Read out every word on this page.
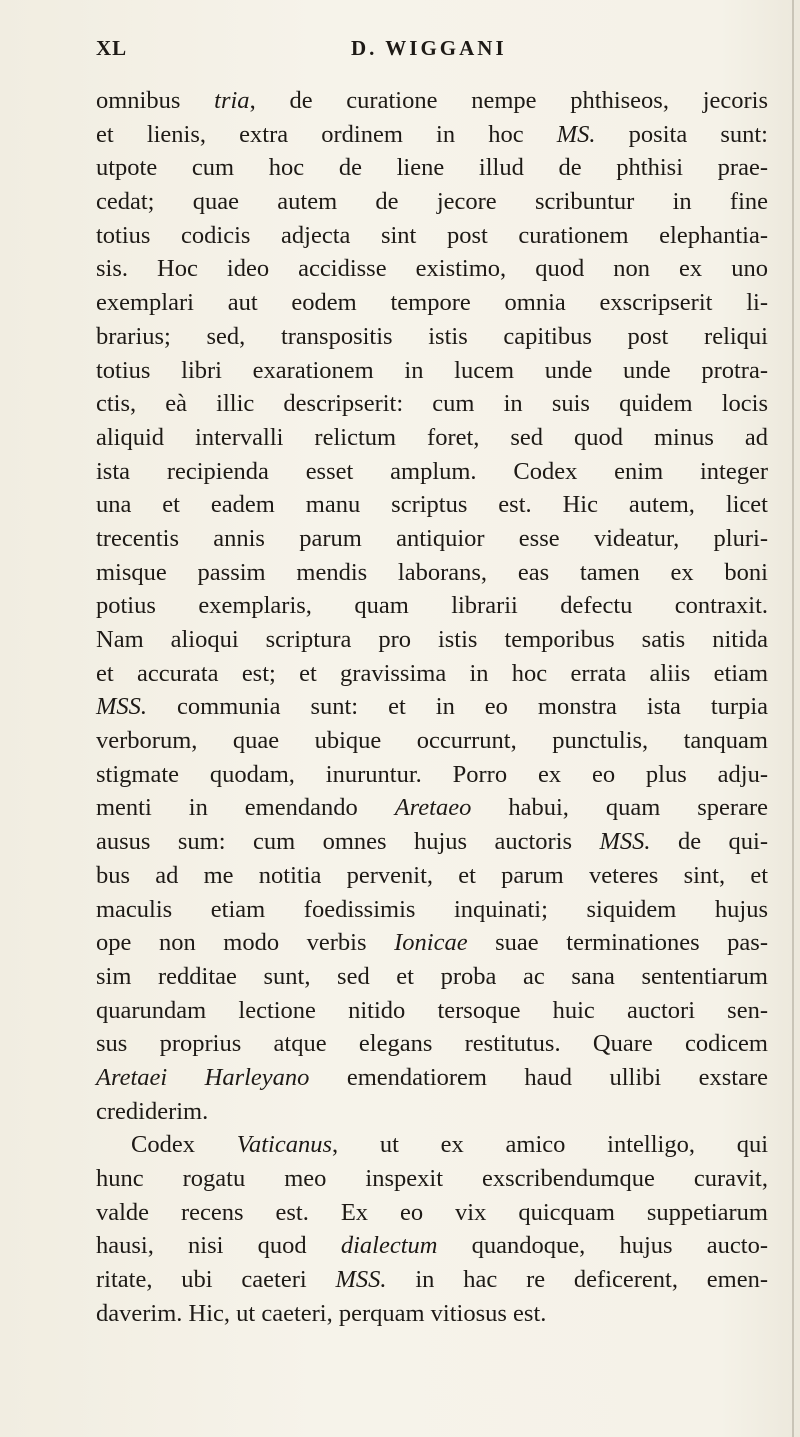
XL	D. WIGGANI
omnibus tria, de curatione nempe phthiseos, jecoris
et lienis, extra ordinem in hoc MS. posita sunt:
utpote cum hoc de liene illud de phthisi prae-
cedat; quae autem de jecore scribuntur in fine
totius codicis adjecta sint post curationem elephantia-
sis. Hoc ideo accidisse existimo, quod non ex uno
exemplari aut eodem tempore omnia exscripserit li-
brarius; sed, transpositis istis capitibus post reliqui
totius libri exarationem in lucem unde unde protra-
ctis, eà illic descripserit: cum in suis quidem locis
aliquid intervalli relictum foret, sed quod minus ad
ista recipienda esset amplum. Codex enim integer
una et eadem manu scriptus est. Hic autem, licet
trecentis annis parum antiquior esse videatur, pluri-
misque passim mendis laborans, eas tamen ex boni
potius exemplaris, quam librarii defectu contraxit.
Nam alioqui scriptura pro istis temporibus satis nitida
et accurata est; et gravissima in hoc errata aliis etiam
MSS. communia sunt: et in eo monstra ista turpia
verborum, quae ubique occurrunt, punctulis, tanquam
stigmate quodam, inuruntur. Porro ex eo plus adju-
menti in emendando Aretaeo habui, quam sperare
ausus sum: cum omnes hujus auctoris MSS. de qui-
bus ad me notitia pervenit, et parum veteres sint, et
maculis etiam foedissimis inquinati; siquidem hujus
ope non modo verbis Ionicae suae terminationes pas-
sim redditae sunt, sed et proba ac sana sententiarum
quarundam lectione nitido tersoque huic auctori sen-
sus proprius atque elegans restitutus. Quare codicem
Aretaei Harleyano emendatiorem haud ullibi exstare
crediderim.
Codex Vaticanus, ut ex amico intelligo, qui
hunc rogatu meo inspexit exscribendumque curavit,
valde recens est. Ex eo vix quicquam suppetiarum
hausi, nisi quod dialectum quandoque, hujus aucto-
ritate, ubi caeteri MSS. in hac re deficerent, emen-
daverim. Hic, ut caeteri, perquam vitiosus est.
